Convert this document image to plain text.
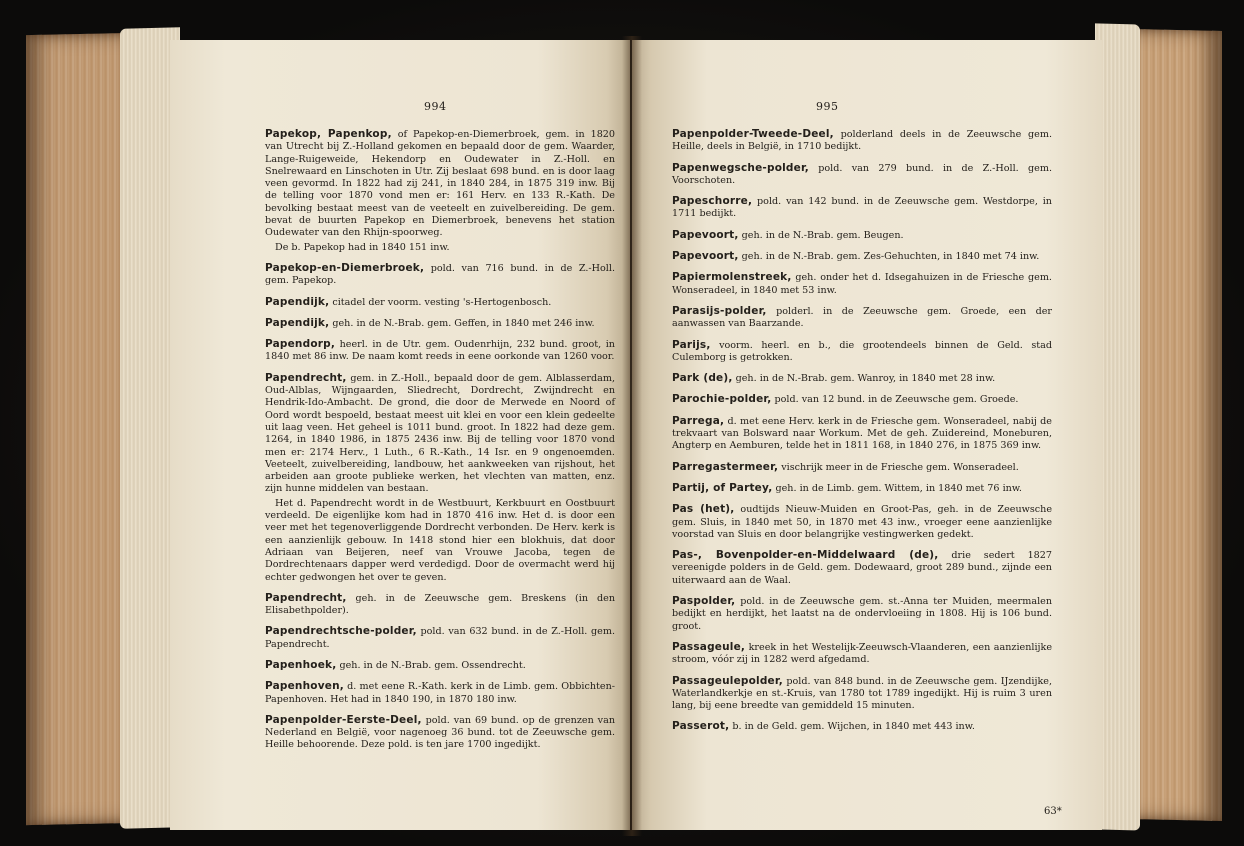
994

Papekop, Papenkop, of Papekop-en-Diemerbroek, gem. in 1820 van Utrecht bij Z.-Holland gekomen en bepaald door de gem. Waarder, Lange-Ruigeweide, Hekendorp en Oudewater in Z.-Holl. en Snelrewaard en Linschoten in Utr. Zij beslaat 698 bund. en is door laag veen gevormd. In 1822 had zij 241, in 1840 284, in 1875 319 inw. Bij de telling voor 1870 vond men er: 161 Herv. en 133 R.-Kath. De bevolking bestaat meest van de veeteelt en zuivelbereiding. De gem. bevat de buurten Papekop en Diemerbroek, benevens het station Oudewater van den Rhijn-spoorweg.

De b. Papekop had in 1840 151 inw.

Papekop-en-Diemerbroek, pold. van 716 bund. in de Z.-Holl. gem. Papekop.

Papendijk, citadel der voorm. vesting 's-Hertogenbosch.

Papendijk, geh. in de N.-Brab. gem. Geffen, in 1840 met 246 inw.

Papendorp, heerl. in de Utr. gem. Oudenrhijn, 232 bund. groot, in 1840 met 86 inw. De naam komt reeds in eene oorkonde van 1260 voor.

Papendrecht, gem. in Z.-Holl., bepaald door de gem. Alblasserdam, Oud-Alblas, Wijngaarden, Sliedrecht, Dordrecht, Zwijndrecht en Hendrik-Ido-Ambacht. De grond, die door de Merwede en Noord of Oord wordt bespoeld, bestaat meest uit klei en voor een klein gedeelte uit laag veen. Het geheel is 1011 bund. groot. In 1822 had deze gem. 1264, in 1840 1986, in 1875 2436 inw. Bij de telling voor 1870 vond men er: 2174 Herv., 1 Luth., 6 R.-Kath., 14 Isr. en 9 ongenoemden. Veeteelt, zuivelbereiding, landbouw, het aankweeken van rijshout, het arbeiden aan groote publieke werken, het vlechten van matten, enz. zijn hunne middelen van bestaan.

Het d. Papendrecht wordt in de Westbuurt, Kerkbuurt en Oostbuurt verdeeld. De eigenlijke kom had in 1870 416 inw. Het d. is door een veer met het tegenoverliggende Dordrecht verbonden. De Herv. kerk is een aanzienlijk gebouw. In 1418 stond hier een blokhuis, dat door Adriaan van Beijeren, neef van Vrouwe Jacoba, tegen de Dordrechtenaars dapper werd verdedigd. Door de overmacht werd hij echter gedwongen het over te geven.

Papendrecht, geh. in de Zeeuwsche gem. Breskens (in den Elisabethpolder).

Papendrechtsche-polder, pold. van 632 bund. in de Z.-Holl. gem. Papendrecht.

Papenhoek, geh. in de N.-Brab. gem. Ossendrecht.

Papenhoven, d. met eene R.-Kath. kerk in de Limb. gem. Obbichten-Papenhoven. Het had in 1840 190, in 1870 180 inw.

Papenpolder-Eerste-Deel, pold. van 69 bund. op de grenzen van Nederland en België, voor nagenoeg 36 bund. tot de Zeeuwsche gem. Heille behoorende. Deze pold. is ten jare 1700 ingedijkt.

995

Papenpolder-Tweede-Deel, polderland deels in de Zeeuwsche gem. Heille, deels in België, in 1710 bedijkt.

Papenwegsche-polder, pold. van 279 bund. in de Z.-Holl. gem. Voorschoten.

Papeschorre, pold. van 142 bund. in de Zeeuwsche gem. Westdorpe, in 1711 bedijkt.

Papevoort, geh. in de N.-Brab. gem. Beugen.

Papevoort, geh. in de N.-Brab. gem. Zes-Gehuchten, in 1840 met 74 inw.

Papiermolenstreek, geh. onder het d. Idsegahuizen in de Friesche gem. Wonseradeel, in 1840 met 53 inw.

Parasijs-polder, polderl. in de Zeeuwsche gem. Groede, een der aanwassen van Baarzande.

Parijs, voorm. heerl. en b., die grootendeels binnen de Geld. stad Culemborg is getrokken.

Park (de), geh. in de N.-Brab. gem. Wanroy, in 1840 met 28 inw.

Parochie-polder, pold. van 12 bund. in de Zeeuwsche gem. Groede.

Parrega, d. met eene Herv. kerk in de Friesche gem. Wonseradeel, nabij de trekvaart van Bolsward naar Workum. Met de geh. Zuidereind, Moneburen, Angterp en Aemburen, telde het in 1811 168, in 1840 276, in 1875 369 inw.

Parregastermeer, vischrijk meer in de Friesche gem. Wonseradeel.

Partij, of Partey, geh. in de Limb. gem. Wittem, in 1840 met 76 inw.

Pas (het), oudtijds Nieuw-Muiden en Groot-Pas, geh. in de Zeeuwsche gem. Sluis, in 1840 met 50, in 1870 met 43 inw., vroeger eene aanzienlijke voorstad van Sluis en door belangrijke vestingwerken gedekt.

Pas-, Bovenpolder-en-Middelwaard (de), drie sedert 1827 vereenigde polders in de Geld. gem. Dodewaard, groot 289 bund., zijnde een uiterwaard aan de Waal.

Paspolder, pold. in de Zeeuwsche gem. st.-Anna ter Muiden, meermalen bedijkt en herdijkt, het laatst na de ondervloeiing in 1808. Hij is 106 bund. groot.

Passageule, kreek in het Westelijk-Zeeuwsch-Vlaanderen, een aanzienlijke stroom, vóór zij in 1282 werd afgedamd.

Passageulepolder, pold. van 848 bund. in de Zeeuwsche gem. IJzendijke, Waterlandkerkje en st.-Kruis, van 1780 tot 1789 ingedijkt. Hij is ruim 3 uren lang, bij eene breedte van gemiddeld 15 minuten.

Passerot, b. in de Geld. gem. Wijchen, in 1840 met 443 inw.

63*
